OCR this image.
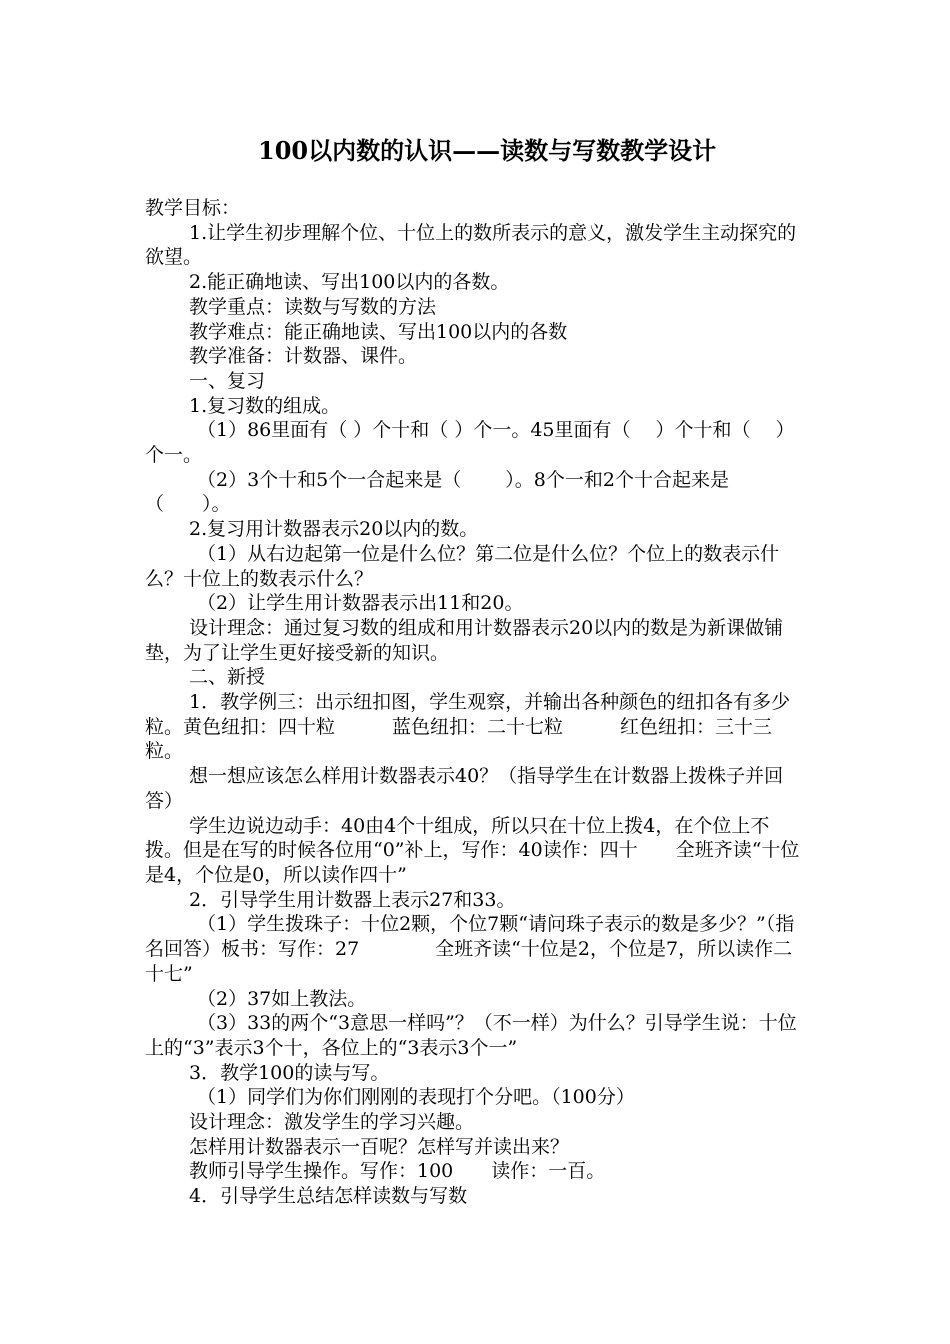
100以内数的认识——读数与写数教学设计

教学目标：

1.让学生初步理解个位、十位上的数所表示的意义，激发学生主动探究的欲望。

2.能正确地读、写出100以内的各数。

教学重点：读数与写数的方法

教学难点：能正确地读、写出100以内的各数

教学准备：计数器、课件。

一、复习

1.复习数的组成。

（1）86里面有（ ）个十和（ ）个一。45里面有（　 ）个十和（　 ）个一。

（2）3个十和5个一合起来是（　　 ）。8个一和2个十合起来是（　　）。

2.复习用计数器表示20以内的数。

（1）从右边起第一位是什么位？第二位是什么位？个位上的数表示什么？十位上的数表示什么？

（2）让学生用计数器表示出11和20。

设计理念：通过复习数的组成和用计数器表示20以内的数是为新课做铺垫，为了让学生更好接受新的知识。

二、新授

1．教学例三：出示纽扣图，学生观察，并输出各种颜色的纽扣各有多少粒。黄色纽扣：四十粒　　　蓝色纽扣：二十七粒　　　红色纽扣：三十三粒。

想一想应该怎么样用计数器表示40？（指导学生在计数器上拨株子并回答）

学生边说边动手：40由4个十组成，所以只在十位上拨4，在个位上不拨。但是在写的时候各位用“0”补上，写作：40读作：四十　　全班齐读“十位是4，个位是0，所以读作四十”

2．引导学生用计数器上表示27和33。

（1）学生拨珠子：十位2颗，个位7颗“请问珠子表示的数是多少？”（指名回答）板书：写作：27　　　　全班齐读“十位是2，个位是7，所以读作二十七”

（2）37如上教法。

（3）33的两个“3意思一样吗”？（不一样）为什么？引导学生说：十位上的“3”表示3个十，各位上的“3表示3个一”

3．教学100的读与写。

（1）同学们为你们刚刚的表现打个分吧。（100分）

设计理念：激发学生的学习兴趣。

怎样用计数器表示一百呢？怎样写并读出来？

教师引导学生操作。写作：100　　读作：一百。

4．引导学生总结怎样读数与写数
